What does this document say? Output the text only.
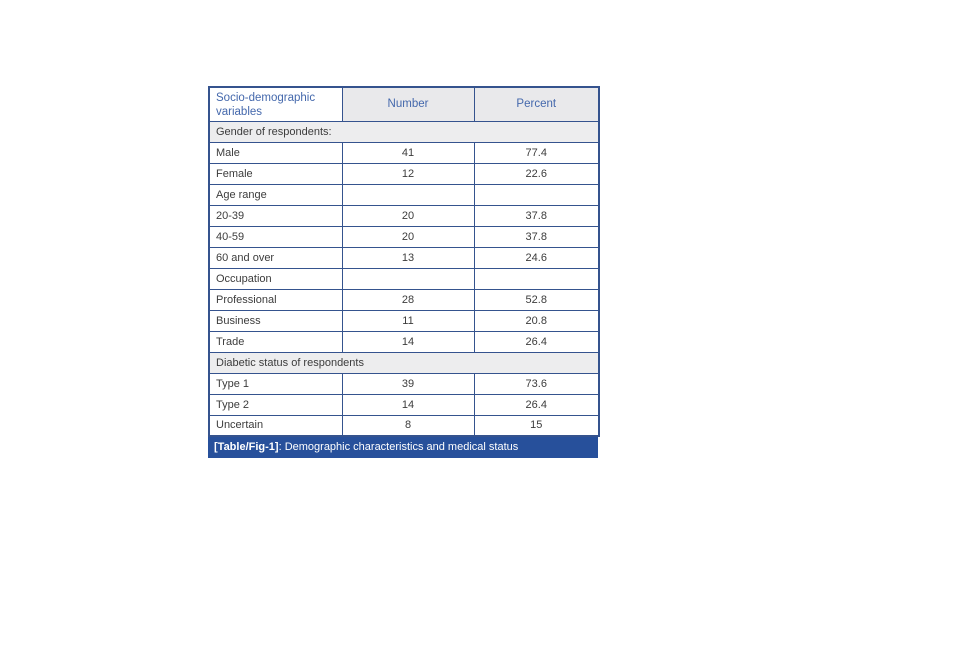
Socio-demographic variables	Number	Percent
Gender of respondents:		
Male	41	77.4
Female	12	22.6
Age range		
20-39	20	37.8
40-59	20	37.8
60 and over	13	24.6
Occupation		
Professional	28	52.8
Business	11	20.8
Trade	14	26.4
Diabetic status of respondents		
Type 1	39	73.6
Type 2	14	26.4
Uncertain	8	15
[Table/Fig-1]: Demographic characteristics and medical status
